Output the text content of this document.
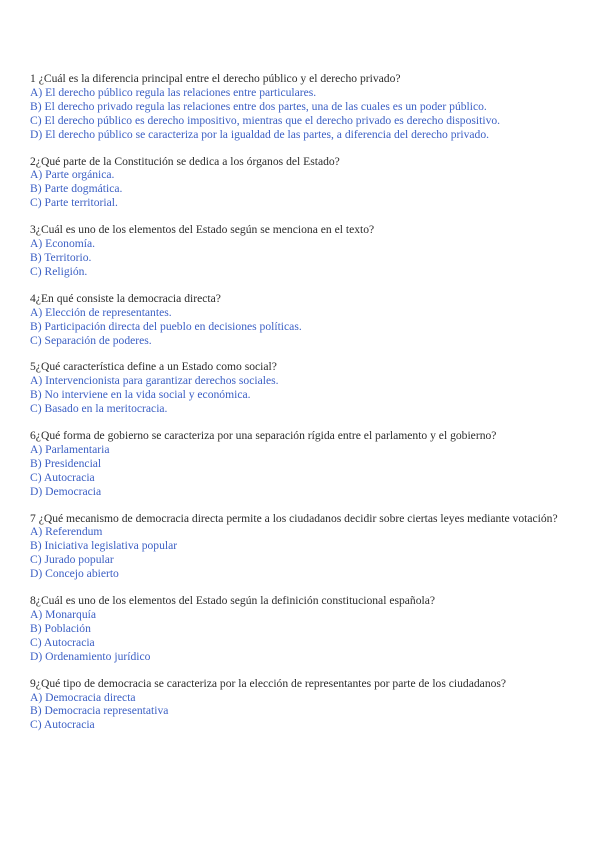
1 ¿Cuál es la diferencia principal entre el derecho público y el derecho privado?

A) El derecho público regula las relaciones entre particulares.

B) El derecho privado regula las relaciones entre dos partes, una de las cuales es un poder público.

C) El derecho público es derecho impositivo, mientras que el derecho privado es derecho dispositivo.

D) El derecho público se caracteriza por la igualdad de las partes, a diferencia del derecho privado.

2¿Qué parte de la Constitución se dedica a los órganos del Estado?

A) Parte orgánica.

B) Parte dogmática.

C) Parte territorial.

3¿Cuál es uno de los elementos del Estado según se menciona en el texto?

A) Economía.

B) Territorio.

C) Religión.

4¿En qué consiste la democracia directa?

A) Elección de representantes.

B) Participación directa del pueblo en decisiones políticas.

C) Separación de poderes.

5¿Qué característica define a un Estado como social?

A) Intervencionista para garantizar derechos sociales.

B) No interviene en la vida social y económica.

C) Basado en la meritocracia.

6¿Qué forma de gobierno se caracteriza por una separación rígida entre el parlamento y el gobierno?

A) Parlamentaria

B) Presidencial

C) Autocracia

D) Democracia

7 ¿Qué mecanismo de democracia directa permite a los ciudadanos decidir sobre ciertas leyes mediante votación?

A) Referendum

B) Iniciativa legislativa popular

C) Jurado popular

D) Concejo abierto

8¿Cuál es uno de los elementos del Estado según la definición constitucional española?

A) Monarquía

B) Población

C) Autocracia

D) Ordenamiento jurídico

9¿Qué tipo de democracia se caracteriza por la elección de representantes por parte de los ciudadanos?

A) Democracia directa

B) Democracia representativa

C) Autocracia
